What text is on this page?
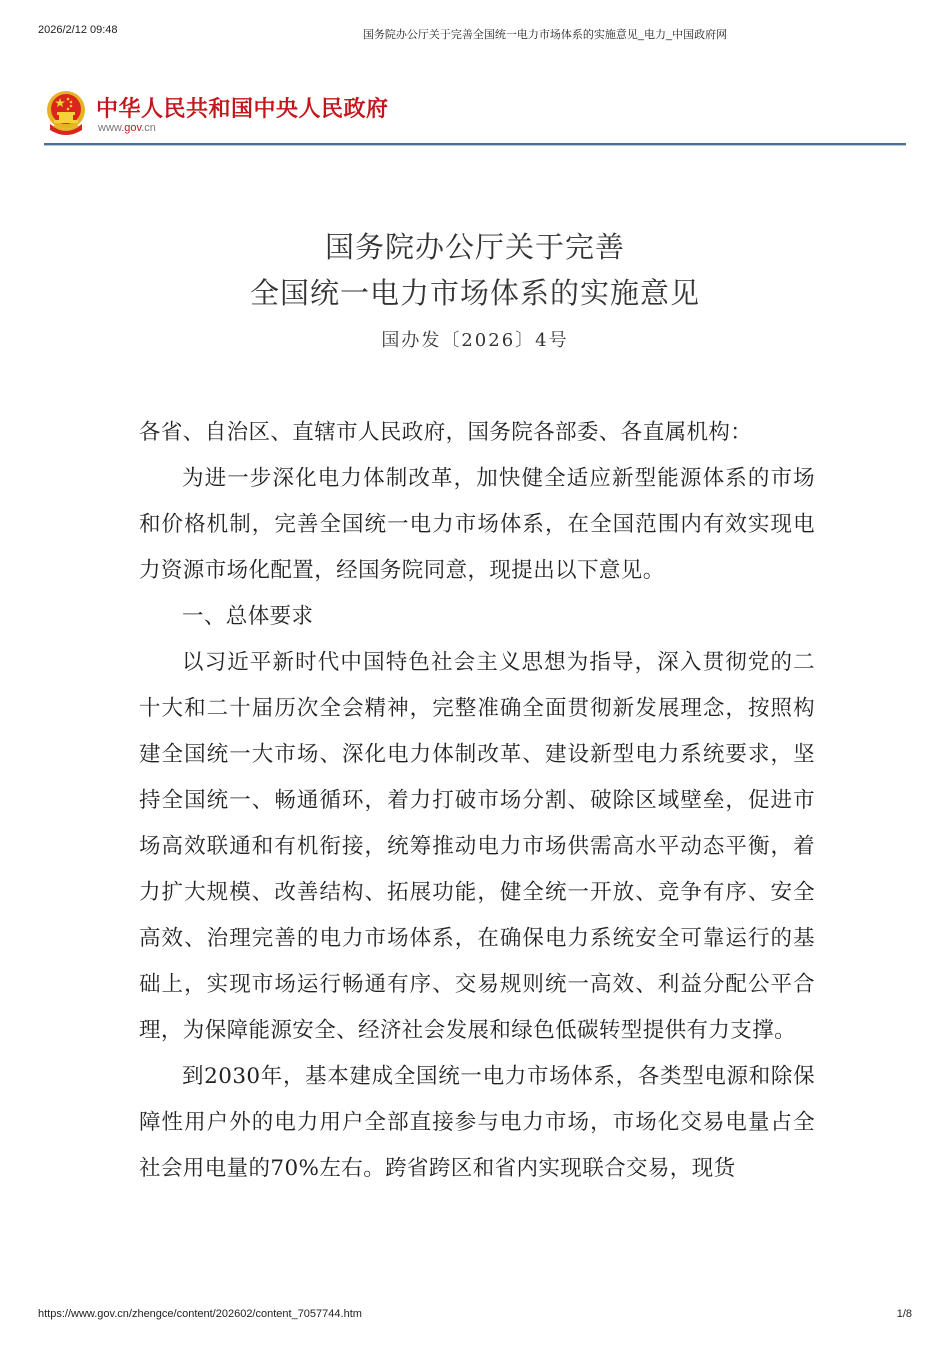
2026/2/12 09:48	国务院办公厅关于完善全国统一电力市场体系的实施意见_电力_中国政府网
中华人民共和国中央人民政府
www.gov.cn
国务院办公厅关于完善
全国统一电力市场体系的实施意见
国办发〔2026〕4号

各省、自治区、直辖市人民政府，国务院各部委、各直属机构：

为进一步深化电力体制改革，加快健全适应新型能源体系的市场和价格机制，完善全国统一电力市场体系，在全国范围内有效实现电力资源市场化配置，经国务院同意，现提出以下意见。

一、总体要求

以习近平新时代中国特色社会主义思想为指导，深入贯彻党的二十大和二十届历次全会精神，完整准确全面贯彻新发展理念，按照构建全国统一大市场、深化电力体制改革、建设新型电力系统要求，坚持全国统一、畅通循环，着力打破市场分割、破除区域壁垒，促进市场高效联通和有机衔接，统筹推动电力市场供需高水平动态平衡，着力扩大规模、改善结构、拓展功能，健全统一开放、竞争有序、安全高效、治理完善的电力市场体系，在确保电力系统安全可靠运行的基础上，实现市场运行畅通有序、交易规则统一高效、利益分配公平合理，为保障能源安全、经济社会发展和绿色低碳转型提供有力支撑。

到2030年，基本建成全国统一电力市场体系，各类型电源和除保障性用户外的电力用户全部直接参与电力市场，市场化交易电量占全社会用电量的70%左右。跨省跨区和省内实现联合交易，现货

https://www.gov.cn/zhengce/content/202602/content_7057744.htm	1/8
